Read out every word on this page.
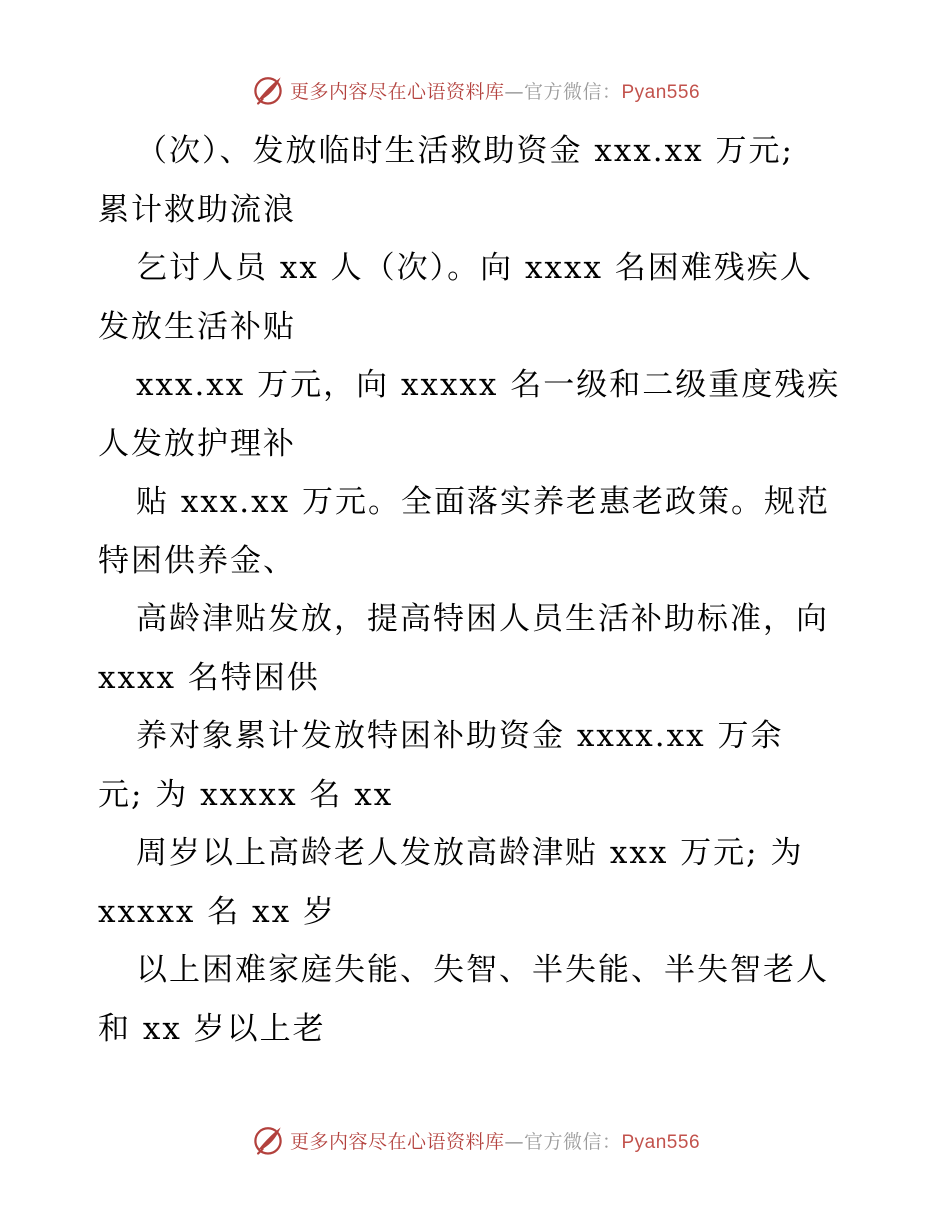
更多内容尽在心语资料库—官方微信：Pyan556
（次）、发放临时生活救助资金 xxx.xx 万元;
累计救助流浪
乞讨人员 xx 人（次）。向 xxxx 名困难残疾人
发放生活补贴
xxx.xx 万元，向 xxxxx 名一级和二级重度残疾
人发放护理补
贴 xxx.xx 万元。全面落实养老惠老政策。规范
特困供养金、
高龄津贴发放，提高特困人员生活补助标准，向
xxxx 名特困供
养对象累计发放特困补助资金 xxxx.xx 万余
元; 为 xxxxx 名 xx
周岁以上高龄老人发放高龄津贴 xxx 万元; 为
xxxxx 名 xx 岁
以上困难家庭失能、失智、半失能、半失智老人
和 xx 岁以上老
更多内容尽在心语资料库—官方微信：Pyan556
